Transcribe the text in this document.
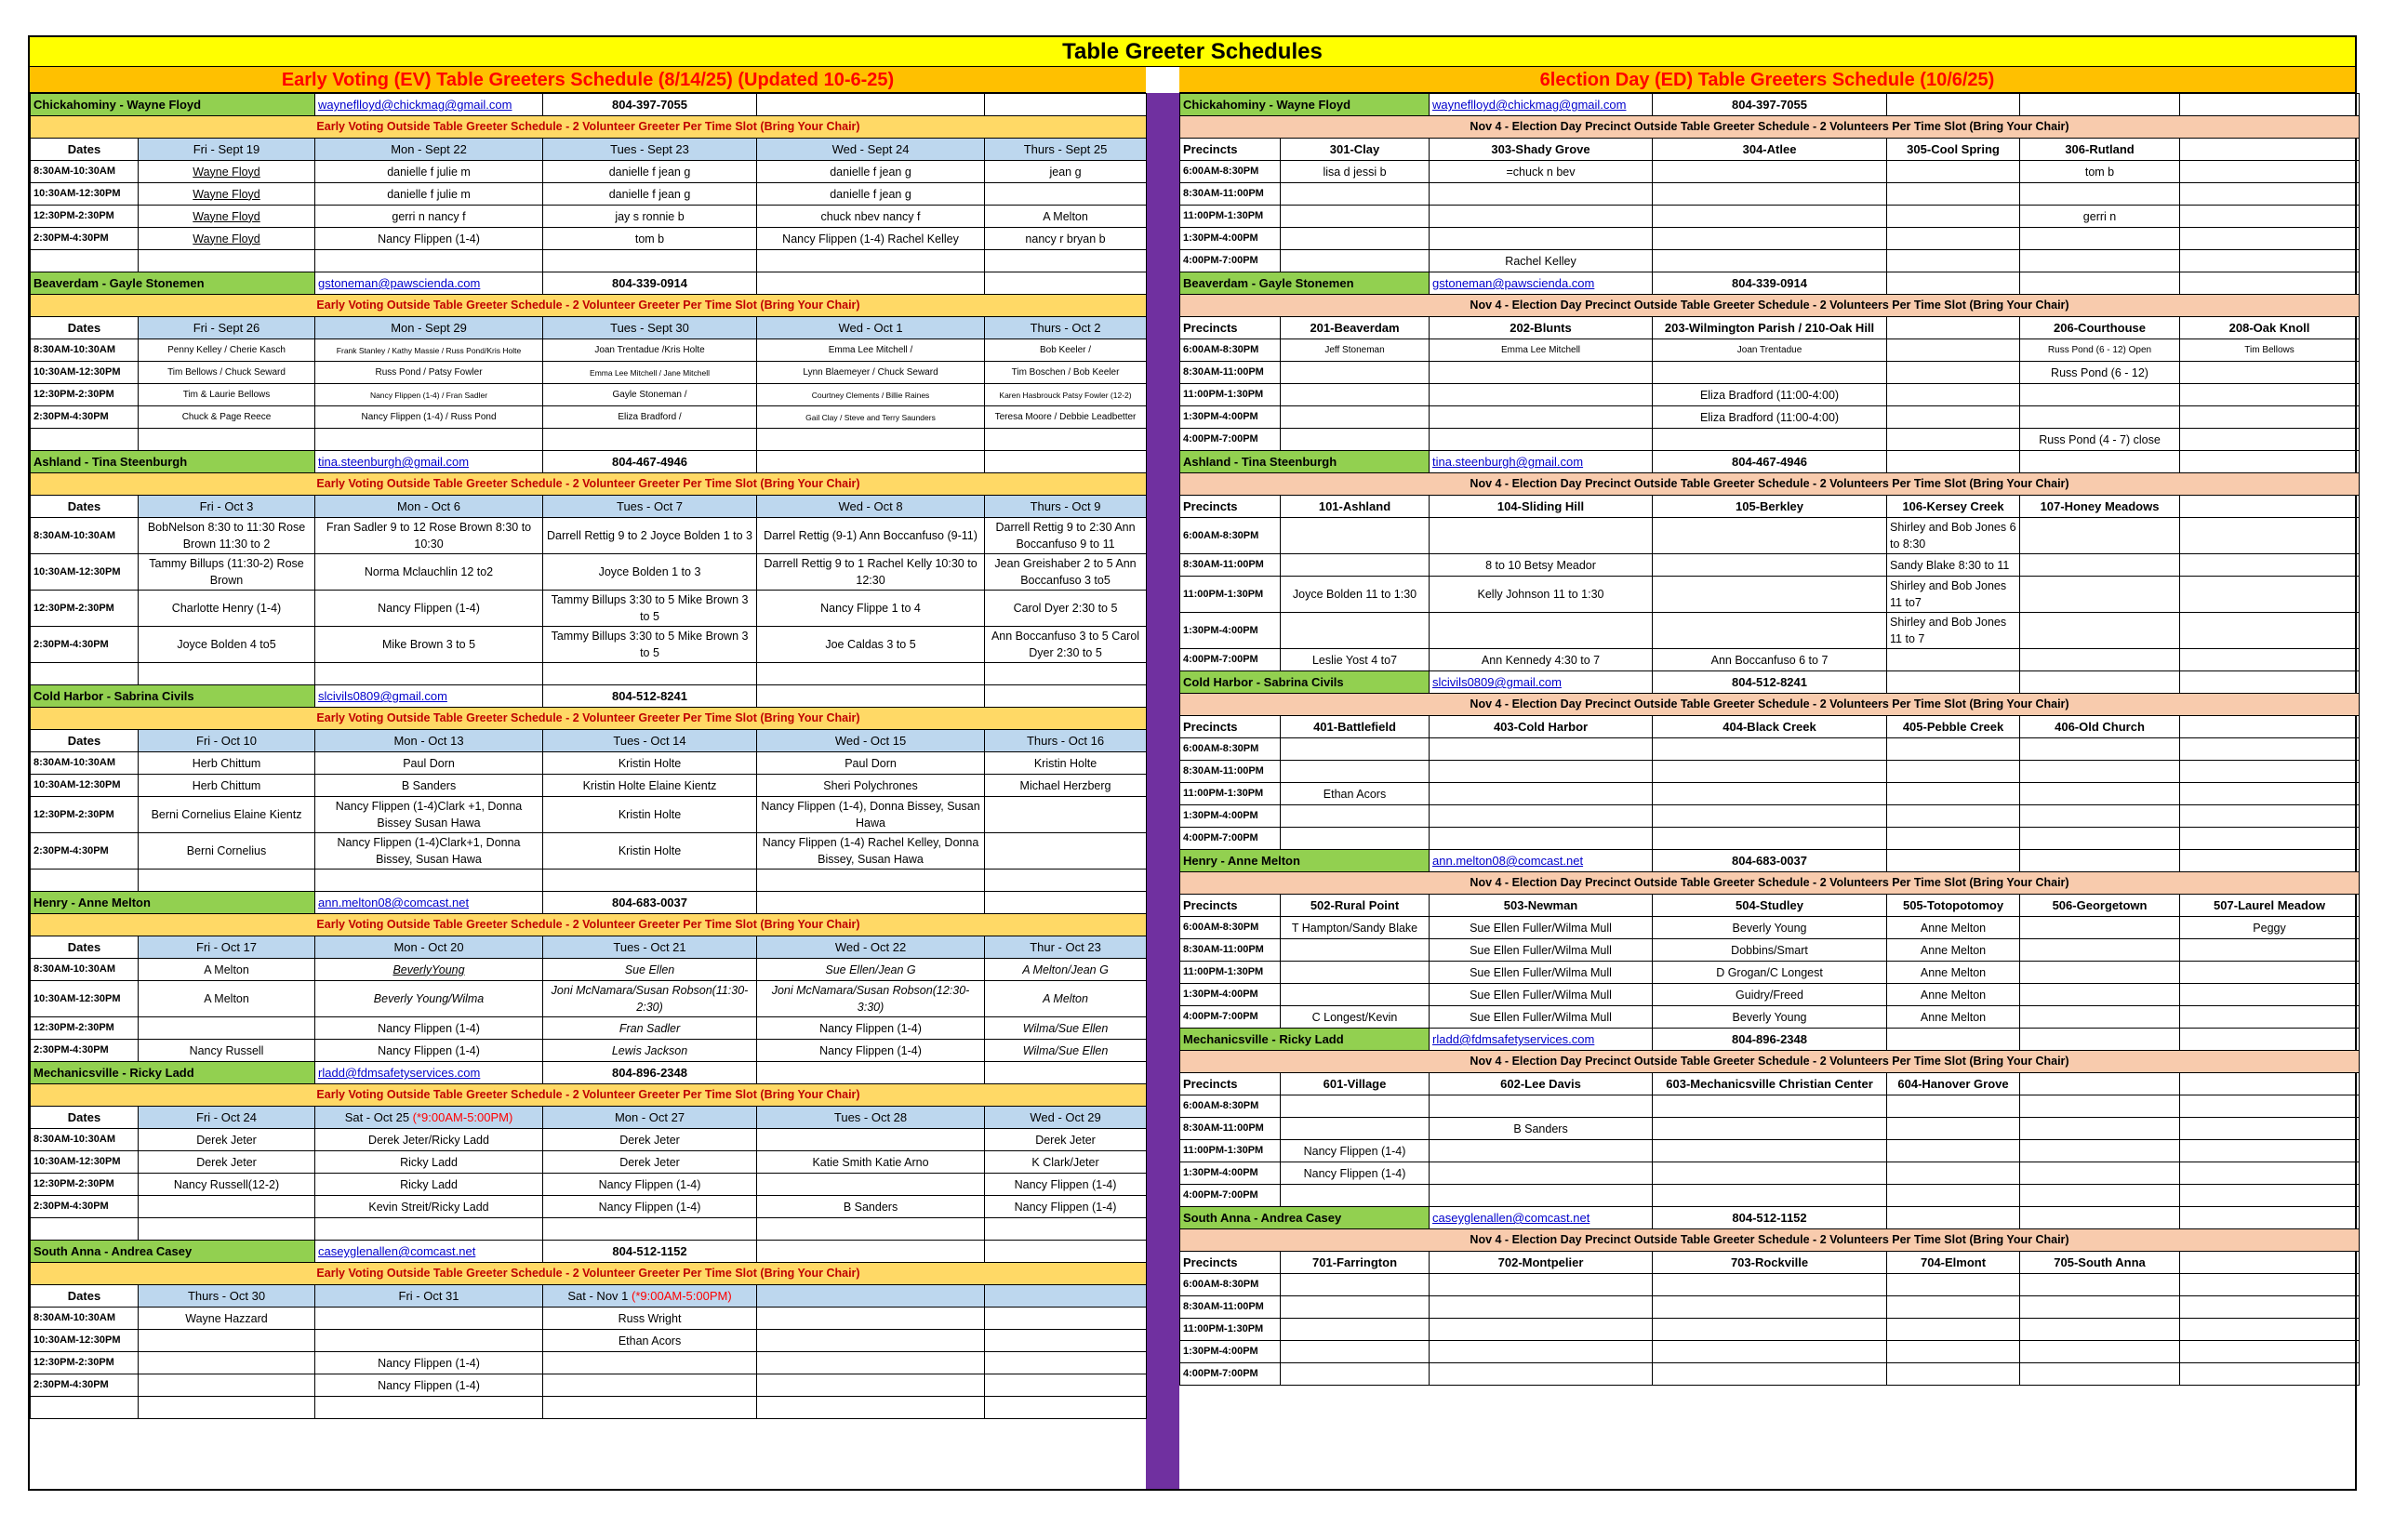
Table Greeter Schedules
Early Voting (EV) Table Greeters Schedule (8/14/25) (Updated 10-6-25)	6lection Day (ED) Table Greeters Schedule (10/6/25)
Chickahominy - Wayne Floyd		wayneflloyd@chickmag@gmail.com	804-397-7055		
Early Voting Outside Table Greeter Schedule - 2 Volunteer Greeter Per Time Slot (Bring Your Chair)					
Dates	Fri - Sept 19	Mon - Sept 22	Tues - Sept 23	Wed - Sept 24	Thurs - Sept 25
8:30AM-10:30AM	Wayne Floyd	danielle f julie m	danielle f jean g	danielle f jean g	jean g
10:30AM-12:30PM	Wayne Floyd	danielle f julie m	danielle f jean g	danielle f jean g	
12:30PM-2:30PM	Wayne Floyd	gerri n nancy f	jay s ronnie b	chuck nbev nancy f	A Melton
2:30PM-4:30PM	Wayne Floyd	Nancy Flippen (1-4)	tom b	Nancy Flippen (1-4) Rachel Kelley	nancy r bryan b

Beaverdam - Gayle Stonemen		gstoneman@pawscienda.com	804-339-0914		
Early Voting Outside Table Greeter Schedule - 2 Volunteer Greeter Per Time Slot (Bring Your Chair)					
Dates	Fri - Sept 26	Mon - Sept 29	Tues - Sept 30	Wed - Oct 1	Thurs - Oct 2
8:30AM-10:30AM	Penny Kelley / Cherie Kasch	Frank Stanley / Kathy Massie / Russ Pond/Kris Holte	Joan Trentadue /Kris Holte	Emma Lee Mitchell /	Bob Keeler /
10:30AM-12:30PM	Tim Bellows / Chuck Seward	Russ Pond / Patsy Fowler	Emma Lee Mitchell / Jane Mitchell	Lynn Blaemeyer / Chuck Seward	Tim Boschen / Bob Keeler
12:30PM-2:30PM	Tim & Laurie Bellows	Nancy Flippen (1-4) / Fran Sadler	Gayle Stoneman /	Courtney Clements / Billie Raines	Karen Hasbrouck Patsy Fowler (12-2)
2:30PM-4:30PM	Chuck & Page Reece	Nancy Flippen (1-4) / Russ Pond	Eliza Bradford /	Gail Clay / Steve and Terry Saunders	Teresa Moore / Debbie Leadbetter

Ashland - Tina Steenburgh		tina.steenburgh@gmail.com	804-467-4946		
Early Voting Outside Table Greeter Schedule - 2 Volunteer Greeter Per Time Slot (Bring Your Chair)					
Dates	Fri - Oct 3	Mon - Oct 6	Tues - Oct 7	Wed - Oct 8	Thurs - Oct 9
8:30AM-10:30AM	BobNelson 8:30 to 11:30 Rose Brown 11:30 to 2	Fran Sadler 9 to 12 Rose Brown 8:30 to 10:30	Darrell Rettig 9 to 2 Joyce Bolden 1 to 3	Darrel Rettig (9-1) Ann Boccanfuso (9-11)	Darrell Rettig 9 to 2:30 Ann Boccanfuso 9 to 11
10:30AM-12:30PM	Tammy Billups (11:30-2) Rose Brown	Norma Mclauchlin 12 to2	Joyce Bolden 1 to 3	Darrell Rettig 9 to 1 Rachel Kelly 10:30 to 12:30	Jean Greishaber 2 to 5 Ann Boccanfuso 3 to5
12:30PM-2:30PM	Charlotte Henry (1-4)	Nancy Flippen (1-4)	Tammy Billups 3:30 to 5 Mike Brown 3 to 5	Nancy Flippe 1 to 4	Carol Dyer 2:30 to 5
2:30PM-4:30PM	Joyce Bolden 4 to5	Mike Brown 3 to 5	Tammy Billups 3:30 to 5 Mike Brown 3 to 5	Joe Caldas 3 to 5	Ann Boccanfuso 3 to 5 Carol Dyer 2:30 to 5

Cold Harbor - Sabrina Civils		slcivils0809@gmail.com	804-512-8241		
Early Voting Outside Table Greeter Schedule - 2 Volunteer Greeter Per Time Slot (Bring Your Chair)					
Dates	Fri - Oct 10	Mon - Oct 13	Tues - Oct 14	Wed - Oct 15	Thurs - Oct 16
8:30AM-10:30AM	Herb Chittum	Paul Dorn	Kristin Holte	Paul Dorn	Kristin Holte
10:30AM-12:30PM	Herb Chittum	B Sanders	Kristin Holte Elaine Kientz	Sheri Polychrones	Michael Herzberg
12:30PM-2:30PM	Berni Cornelius Elaine Kientz	Nancy Flippen (1-4)Clark +1, Donna Bissey Susan Hawa	Kristin Holte	Nancy Flippen (1-4), Donna Bissey, Susan Hawa	
2:30PM-4:30PM	Berni Cornelius	Nancy Flippen (1-4)Clark+1, Donna Bissey, Susan Hawa	Kristin Holte	Nancy Flippen (1-4) Rachel Kelley, Donna Bissey, Susan Hawa	

Henry - Anne Melton		ann.melton08@comcast.net	804-683-0037		
Early Voting Outside Table Greeter Schedule - 2 Volunteer Greeter Per Time Slot (Bring Your Chair)					
Dates	Fri - Oct 17	Mon - Oct 20	Tues - Oct 21	Wed - Oct 22	Thur - Oct 23
8:30AM-10:30AM	A Melton	BeverlyYoung	Sue Ellen	Sue Ellen/Jean G	A Melton/Jean G
10:30AM-12:30PM	A Melton	Beverly Young/Wilma	Joni McNamara/Susan Robson(11:30-2:30)	Joni McNamara/Susan Robson(12:30-3:30)	A Melton
12:30PM-2:30PM		Nancy Flippen (1-4)	Fran Sadler	Nancy Flippen (1-4)	Wilma/Sue Ellen
2:30PM-4:30PM	Nancy Russell	Nancy Flippen (1-4)	Lewis Jackson	Nancy Flippen (1-4)	Wilma/Sue Ellen
Mechanicsville - Ricky Ladd		rladd@fdmsafetyservices.com	804-896-2348		
Early Voting Outside Table Greeter Schedule - 2 Volunteer Greeter Per Time Slot (Bring Your Chair)					
Dates	Fri - Oct 24	Sat - Oct 25 (*9:00AM-5:00PM)	Mon - Oct 27	Tues - Oct 28	Wed - Oct 29
8:30AM-10:30AM	Derek Jeter	Derek Jeter/Ricky Ladd	Derek Jeter		Derek Jeter
10:30AM-12:30PM	Derek Jeter	Ricky Ladd	Derek Jeter	Katie Smith Katie Arno	K Clark/Jeter
12:30PM-2:30PM	Nancy Russell(12-2)	Ricky Ladd	Nancy Flippen (1-4)		Nancy Flippen (1-4)
2:30PM-4:30PM		Kevin Streit/Ricky Ladd	Nancy Flippen (1-4)	B Sanders	Nancy Flippen (1-4)

South Anna - Andrea Casey		caseyglenallen@comcast.net	804-512-1152		
Early Voting Outside Table Greeter Schedule - 2 Volunteer Greeter Per Time Slot (Bring Your Chair)					
Dates	Thurs - Oct 30	Fri - Oct 31	Sat - Nov 1 (*9:00AM-5:00PM)		
8:30AM-10:30AM	Wayne Hazzard		Russ Wright		
10:30AM-12:30PM			Ethan Acors		
12:30PM-2:30PM		Nancy Flippen (1-4)			
2:30PM-4:30PM		Nancy Flippen (1-4)			

Chickahominy - Wayne Floyd		wayneflloyd@chickmag@gmail.com	804-397-7055			
Nov 4 - Election Day Precinct Outside Table Greeter Schedule - 2 Volunteers Per Time Slot (Bring Your Chair)						
Precincts	301-Clay	303-Shady Grove	304-Atlee	305-Cool Spring	306-Rutland	
6:00AM-8:30PM	lisa d jessi b	=chuck n bev			tom b	
8:30AM-11:00PM						
11:00PM-1:30PM					gerri n	
1:30PM-4:00PM						
4:00PM-7:00PM		Rachel Kelley				
Beaverdam - Gayle Stonemen		gstoneman@pawscienda.com	804-339-0914			
Nov 4 - Election Day Precinct Outside Table Greeter Schedule - 2 Volunteers Per Time Slot (Bring Your Chair)						
Precincts	201-Beaverdam	202-Blunts	203-Wilmington Parish / 210-Oak Hill		206-Courthouse	208-Oak Knoll
6:00AM-8:30PM	Jeff Stoneman	Emma Lee Mitchell	Joan Trentadue		Russ Pond (6 - 12) Open	Tim Bellows
8:30AM-11:00PM					Russ Pond (6 - 12)	
11:00PM-1:30PM			Eliza Bradford (11:00-4:00)			
1:30PM-4:00PM			Eliza Bradford (11:00-4:00)			
4:00PM-7:00PM					Russ Pond (4 - 7) close	
Ashland - Tina Steenburgh		tina.steenburgh@gmail.com	804-467-4946			
Nov 4 - Election Day Precinct Outside Table Greeter Schedule - 2 Volunteers Per Time Slot (Bring Your Chair)						
Precincts	101-Ashland	104-Sliding Hill	105-Berkley	106-Kersey Creek	107-Honey Meadows	
6:00AM-8:30PM				Shirley and Bob Jones 6 to 8:30		
8:30AM-11:00PM		8 to 10 Betsy Meador		Sandy Blake 8:30 to 11		
11:00PM-1:30PM	Joyce Bolden 11 to 1:30	Kelly Johnson 11 to 1:30		Shirley and Bob Jones 11 to7		
1:30PM-4:00PM				Shirley and Bob Jones 11 to 7		
4:00PM-7:00PM	Leslie Yost 4 to7	Ann Kennedy 4:30 to 7	Ann Boccanfuso 6 to 7			
Cold Harbor - Sabrina Civils		slcivils0809@gmail.com	804-512-8241			
Nov 4 - Election Day Precinct Outside Table Greeter Schedule - 2 Volunteers Per Time Slot (Bring Your Chair)						
Precincts	401-Battlefield	403-Cold Harbor	404-Black Creek	405-Pebble Creek	406-Old Church	
6:00AM-8:30PM						
8:30AM-11:00PM						
11:00PM-1:30PM	Ethan Acors					
1:30PM-4:00PM						
4:00PM-7:00PM						
Henry - Anne Melton		ann.melton08@comcast.net	804-683-0037			
Nov 4 - Election Day Precinct Outside Table Greeter Schedule - 2 Volunteers Per Time Slot (Bring Your Chair)						
Precincts	502-Rural Point	503-Newman	504-Studley	505-Totopotomoy	506-Georgetown	507-Laurel Meadow
6:00AM-8:30PM	T Hampton/Sandy Blake	Sue Ellen Fuller/Wilma Mull	Beverly Young	Anne Melton		Peggy
8:30AM-11:00PM		Sue Ellen Fuller/Wilma Mull	Dobbins/Smart	Anne Melton		
11:00PM-1:30PM		Sue Ellen Fuller/Wilma Mull	D Grogan/C Longest	Anne Melton		
1:30PM-4:00PM		Sue Ellen Fuller/Wilma Mull	Guidry/Freed	Anne Melton		
4:00PM-7:00PM	C Longest/Kevin	Sue Ellen Fuller/Wilma Mull	Beverly Young	Anne Melton		
Mechanicsville - Ricky Ladd		rladd@fdmsafetyservices.com	804-896-2348			
Nov 4 - Election Day Precinct Outside Table Greeter Schedule - 2 Volunteers Per Time Slot (Bring Your Chair)						
Precincts	601-Village	602-Lee Davis	603-Mechanicsville Christian Center	604-Hanover Grove		
6:00AM-8:30PM						
8:30AM-11:00PM		B Sanders				
11:00PM-1:30PM	Nancy Flippen (1-4)					
1:30PM-4:00PM	Nancy Flippen (1-4)					
4:00PM-7:00PM						
South Anna - Andrea Casey		caseyglenallen@comcast.net	804-512-1152			
Nov 4 - Election Day Precinct Outside Table Greeter Schedule - 2 Volunteers Per Time Slot (Bring Your Chair)						
Precincts	701-Farrington	702-Montpelier	703-Rockville	704-Elmont	705-South Anna	
6:00AM-8:30PM						
8:30AM-11:00PM						
11:00PM-1:30PM						
1:30PM-4:00PM						
4:00PM-7:00PM						
